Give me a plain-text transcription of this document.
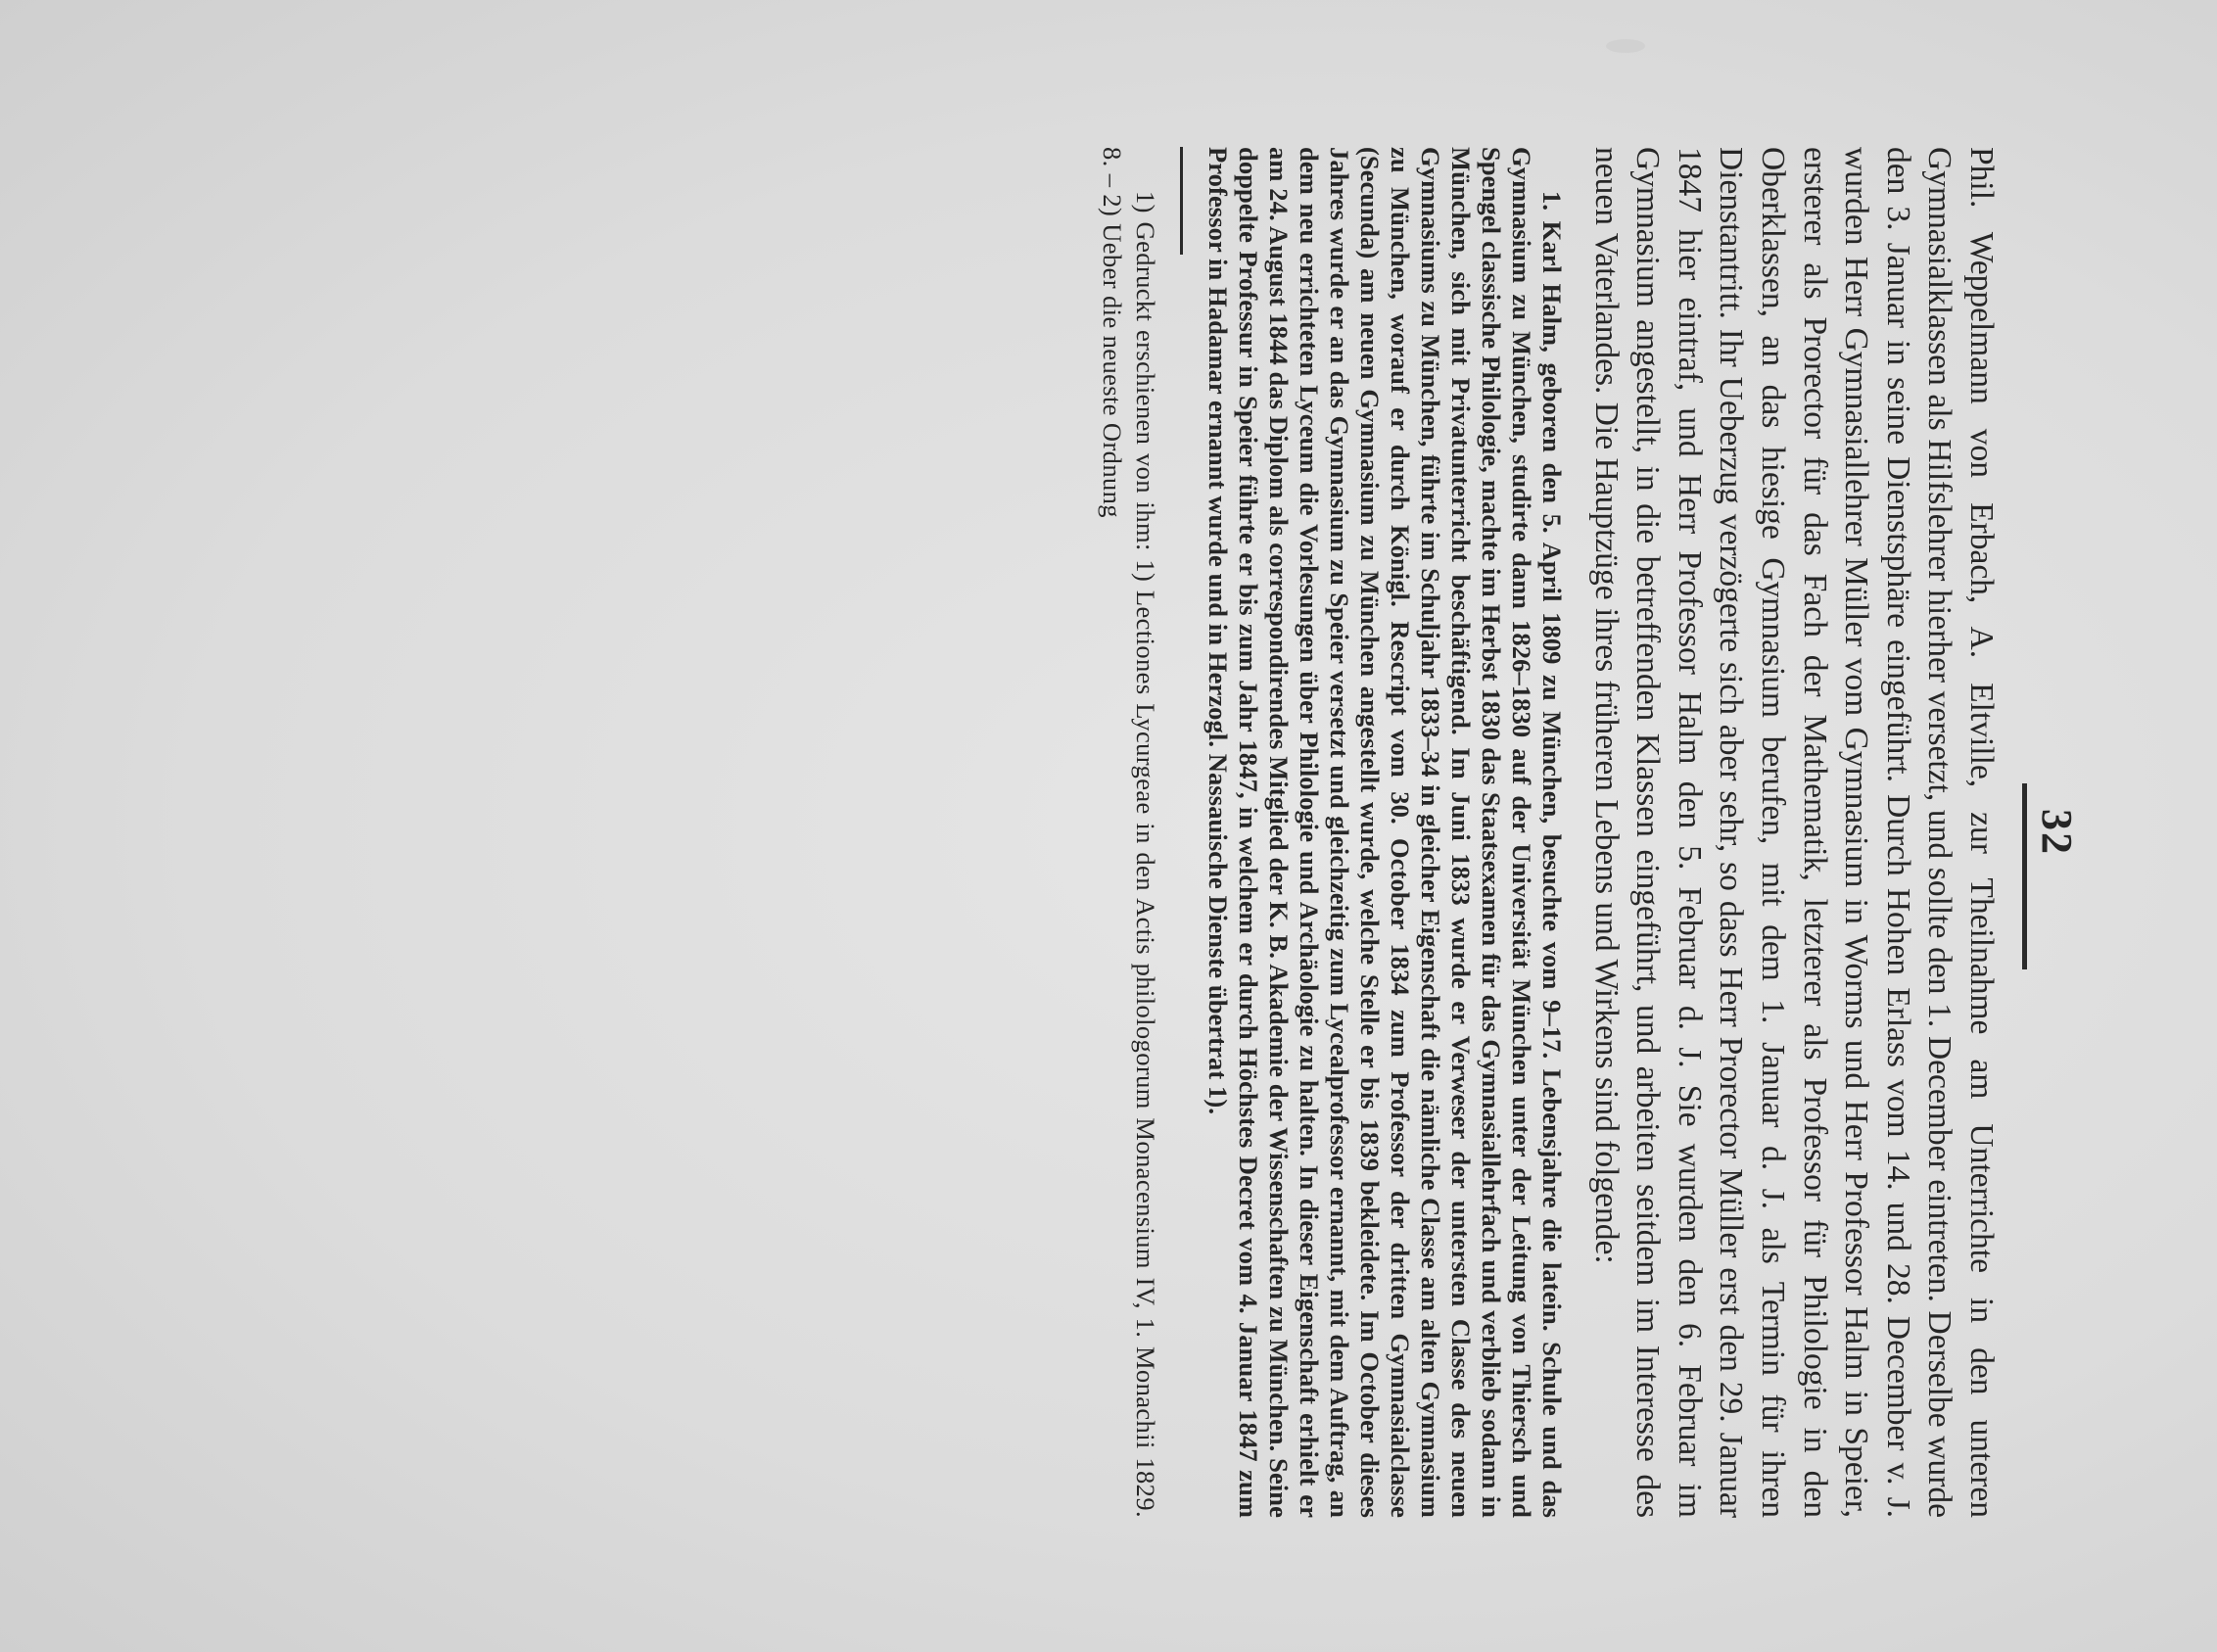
32

Phil. Weppelmann von Erbach, A. Eltville, zur Theilnahme am Unterrichte in den unteren Gymnasialklassen als Hilfslehrer hierher versetzt, und sollte den 1. December eintreten. Derselbe wurde den 3. Januar in seine Dienstsphäre eingeführt. Durch Hohen Erlass vom 14. und 28. December v. J. wurden Herr Gymnasiallehrer Müller vom Gymnasium in Worms und Herr Professor Halm in Speier, ersterer als Prorector für das Fach der Mathematik, letzterer als Professor für Philologie in den Oberklassen, an das hiesige Gymnasium berufen, mit dem 1. Januar d. J. als Termin für ihren Dienstantritt. Ihr Ueberzug verzögerte sich aber sehr, so dass Herr Prorector Müller erst den 29. Januar 1847 hier eintraf, und Herr Professor Halm den 5. Februar d. J. Sie wurden den 6. Februar im Gymnasium angestellt, in die betreffenden Klassen eingeführt, und arbeiten seitdem im Interesse des neuen Vaterlandes. Die Hauptzüge ihres früheren Lebens und Wirkens sind folgende:

1. Karl Halm, geboren den 5. April 1809 zu München, besuchte vom 9–17. Lebensjahre die latein. Schule und das Gymnasium zu München, studirte dann 1826–1830 auf der Universität München unter der Leitung von Thiersch und Spengel classische Philologie, machte im Herbst 1830 das Staatsexamen für das Gymnasiallehrfach und verblieb sodann in München, sich mit Privatunterricht beschäftigend. Im Juni 1833 wurde er Verweser der untersten Classe des neuen Gymnasiums zu München, führte im Schuljahr 1833–34 in gleicher Eigenschaft die nämliche Classe am alten Gymnasium zu München, worauf er durch Königl. Rescript vom 30. October 1834 zum Professor der dritten Gymnasialclasse (Secunda) am neuen Gymnasium zu München angestellt wurde, welche Stelle er bis 1839 bekleidete. Im October dieses Jahres wurde er an das Gymnasium zu Speier versetzt und gleichzeitig zum Lycealprofessor ernannt, mit dem Auftrag, an dem neu errichteten Lyceum die Vorlesungen über Philologie und Archäologie zu halten. In dieser Eigenschaft erhielt er am 24. August 1844 das Diplom als correspondirendes Mitglied der K. B. Akademie der Wissenschaften zu München. Seine doppelte Professur in Speier führte er bis zum Jahr 1847, in welchem er durch Höchstes Decret vom 4. Januar 1847 zum Professor in Hadamar ernannt wurde und in Herzogl. Nassauische Dienste übertrat 1).

1) Gedruckt erschienen von ihm: 1) Lectiones Lycurgeae in den Actis philologorum Monacensium IV, 1. Monachii 1829. 8. – 2) Ueber die neueste Ordnung
